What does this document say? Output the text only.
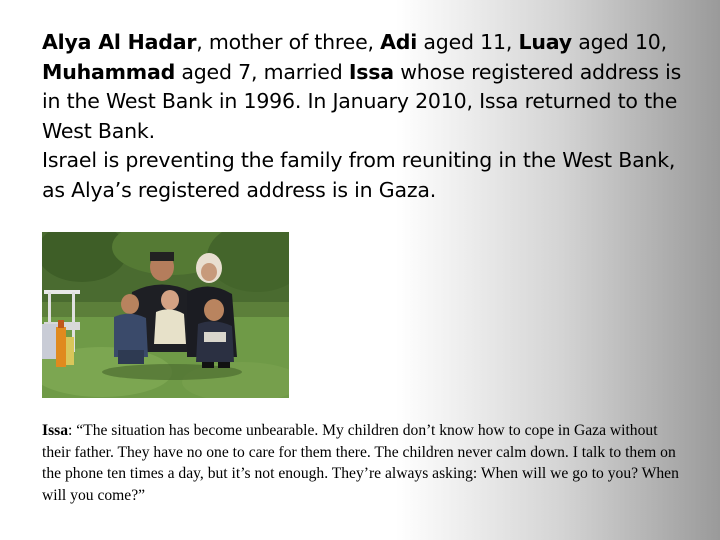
Alya Al Hadar, mother of three, Adi aged 11, Luay aged 10, Muhammad aged 7, married Issa whose registered address is in the West Bank in 1996. In January 2010, Issa returned to the West Bank.

Israel is preventing the family from reuniting in the West Bank, as Alya’s registered address is in Gaza.

Issa: “The situation has become unbearable. My children don’t know how to cope in Gaza without their father. They have no one to care for them there. The children never calm down. I talk to them on the phone ten times a day, but it’s not enough. They’re always asking: When will we go to you? When will you come?”
